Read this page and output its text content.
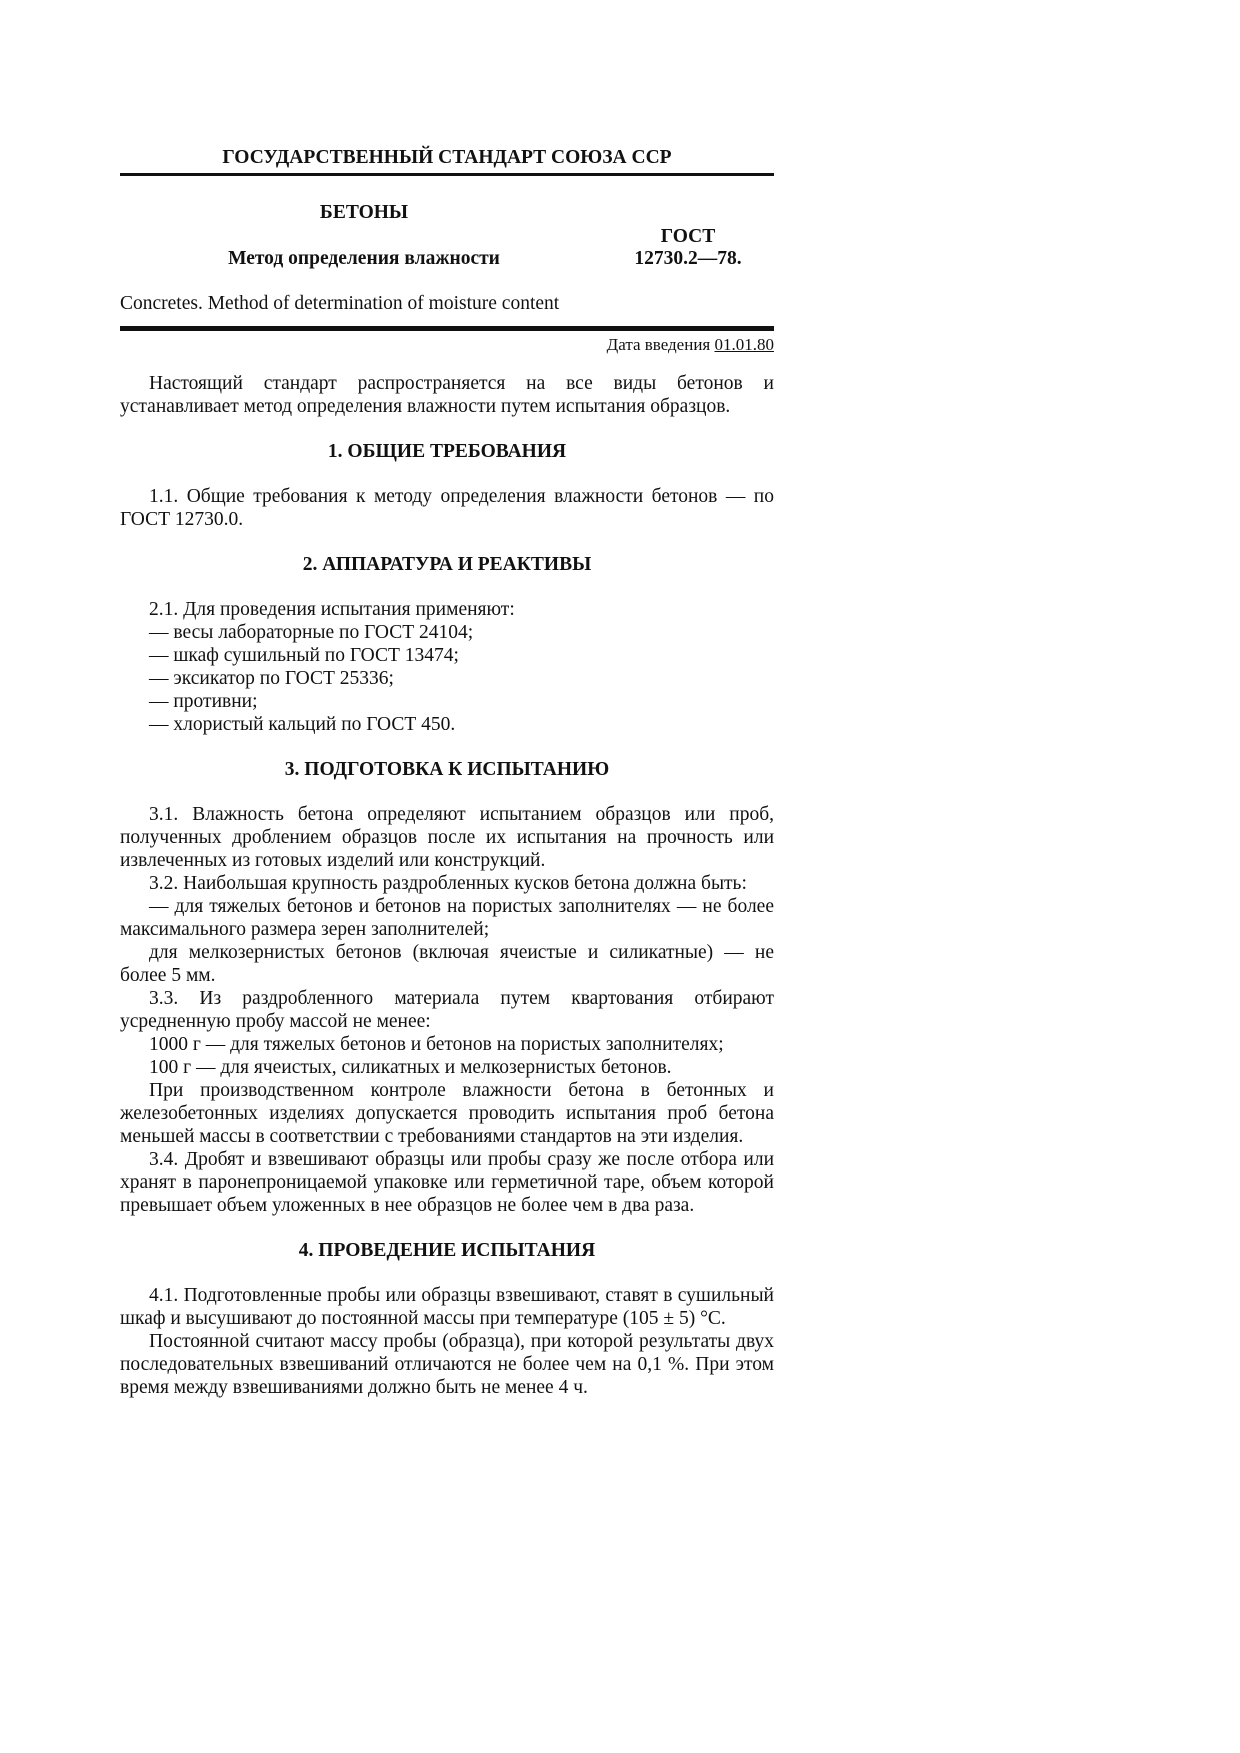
ГОСУДАРСТВЕННЫЙ СТАНДАРТ СОЮЗА ССР
БЕТОНЫ
ГОСТ
Метод определения влажности	12730.2—78.
Concretes. Method of determination of moisture content
Дата введения 01.01.80

Настоящий стандарт распространяется на все виды бетонов и устанавливает метод определения влажности путем испытания образцов.

1. ОБЩИЕ ТРЕБОВАНИЯ

1.1. Общие требования к методу определения влажности бетонов — по ГОСТ 12730.0.

2. АППАРАТУРА И РЕАКТИВЫ

2.1. Для проведения испытания применяют:

— весы лабораторные по ГОСТ 24104;

— шкаф сушильный по ГОСТ 13474;

— эксикатор по ГОСТ 25336;

— противни;

— хлористый кальций по ГОСТ 450.

3. ПОДГОТОВКА К ИСПЫТАНИЮ

3.1. Влажность бетона определяют испытанием образцов или проб, полученных дроблением образцов после их испытания на прочность или извлеченных из готовых изделий или конструкций.

3.2. Наибольшая крупность раздробленных кусков бетона должна быть:

— для тяжелых бетонов и бетонов на пористых заполнителях — не более максимального размера зерен заполнителей;

для мелкозернистых бетонов (включая ячеистые и силикатные) — не более 5 мм.

3.3. Из раздробленного материала путем квартования отбирают усредненную пробу массой не менее:

1000 г — для тяжелых бетонов и бетонов на пористых заполнителях;

100 г — для ячеистых, силикатных и мелкозернистых бетонов.

При производственном контроле влажности бетона в бетонных и железобетонных изделиях допускается проводить испытания проб бетона меньшей массы в соответствии с требованиями стандартов на эти изделия.

3.4. Дробят и взвешивают образцы или пробы сразу же после отбора или хранят в паронепроницаемой упаковке или герметичной таре, объем которой превышает объем уложенных в нее образцов не более чем в два раза.

4. ПРОВЕДЕНИЕ ИСПЫТАНИЯ

4.1. Подготовленные пробы или образцы взвешивают, ставят в сушильный шкаф и высушивают до постоянной массы при температуре (105 ± 5) °С.

Постоянной считают массу пробы (образца), при которой результаты двух последовательных взвешиваний отличаются не более чем на 0,1 %. При этом время между взвешиваниями должно быть не менее 4 ч.
